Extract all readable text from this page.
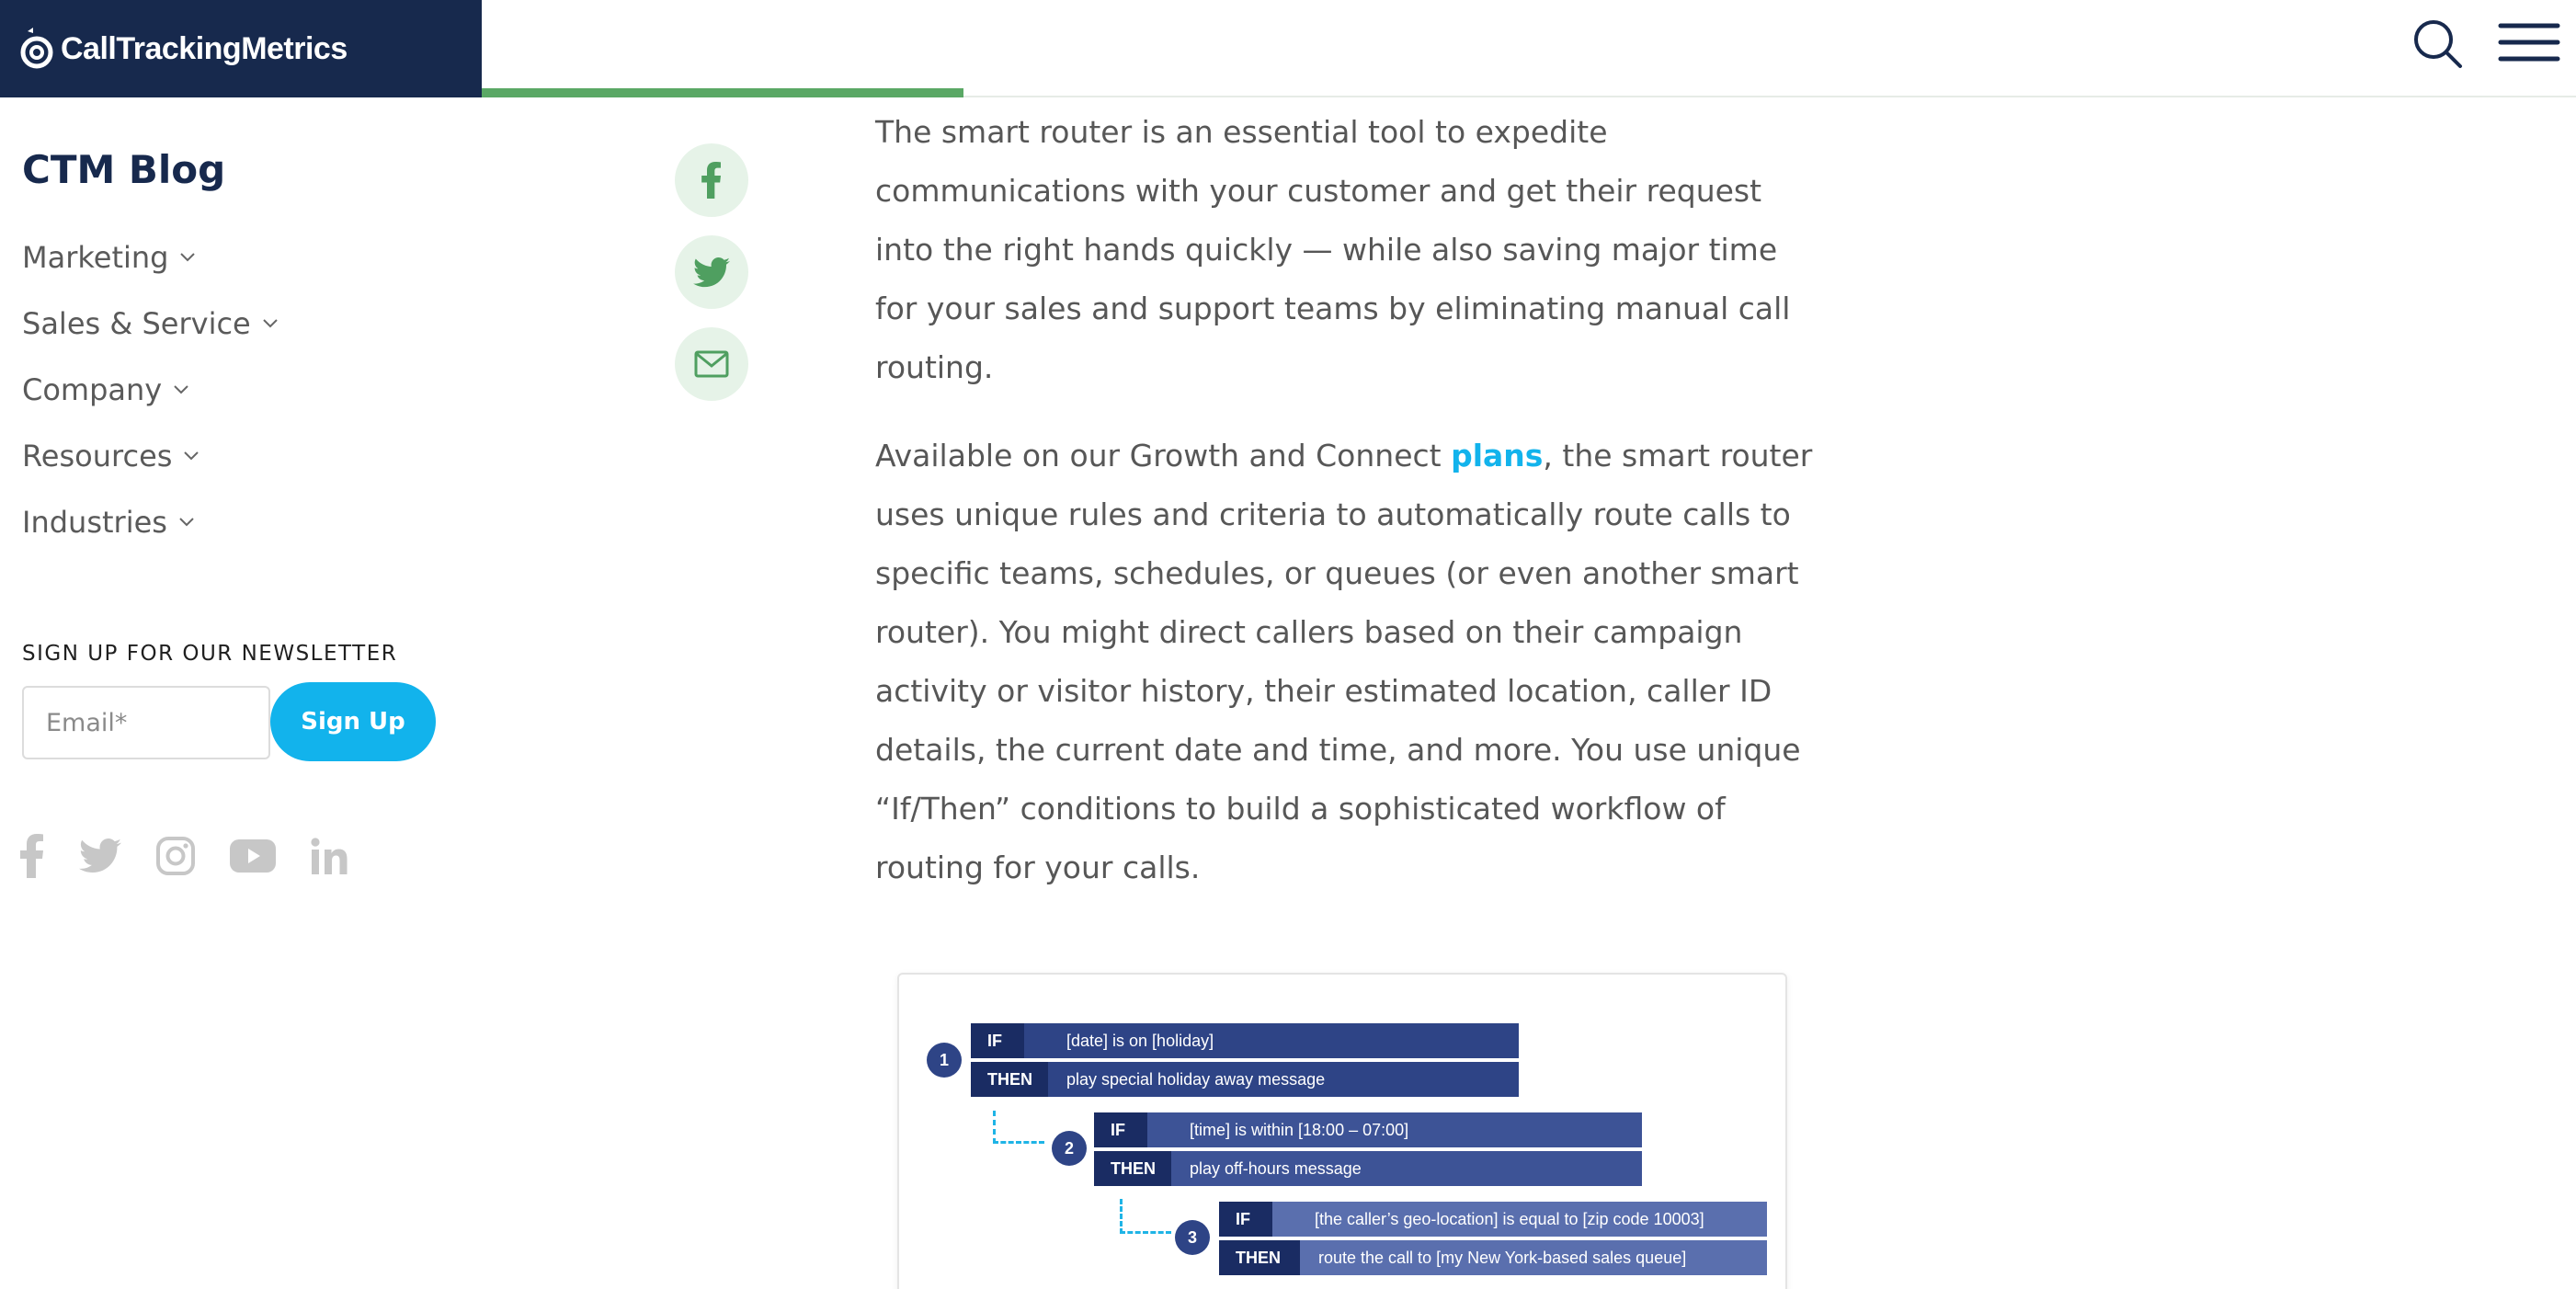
CallTrackingMetrics
CTM Blog
Marketing
Sales & Service
Company
Resources
Industries
SIGN UP FOR OUR NEWSLETTER
Email*
Sign Up

The smart router is an essential tool to expedite communications with your customer and get their request into the right hands quickly — while also saving major time for your sales and support teams by eliminating manual call routing.

Available on our Growth and Connect plans, the smart router uses unique rules and criteria to automatically route calls to specific teams, schedules, or queues (or even another smart router). You might direct callers based on their campaign activity or visitor history, their estimated location, caller ID details, the current date and time, and more. You use unique “If/Then” conditions to build a sophisticated workflow of routing for your calls.

1
IF	[date] is on [holiday]
THEN	play special holiday away message
2
IF	[time] is within [18:00 – 07:00]
THEN	play off-hours message
3
IF	[the caller’s geo-location] is equal to [zip code 10003]
THEN	route the call to [my New York-based sales queue]
